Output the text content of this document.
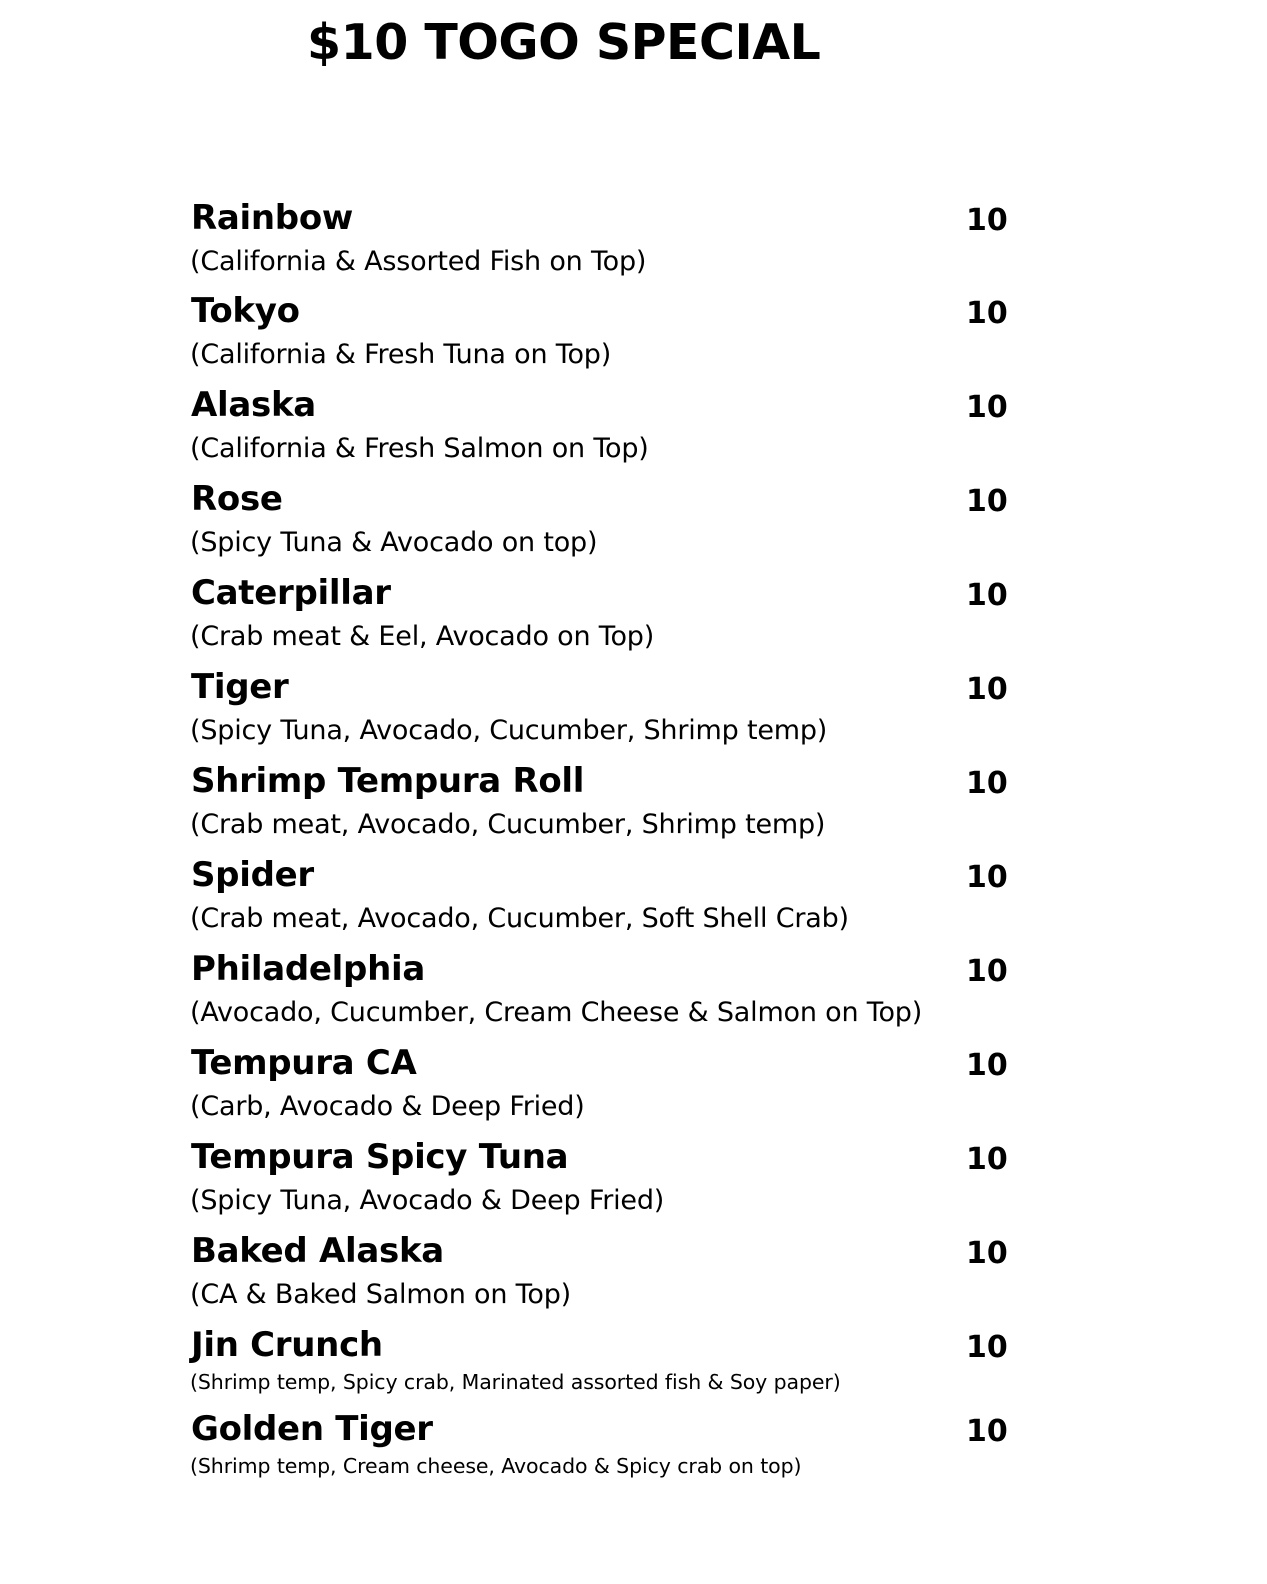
$10 TOGO SPECIAL
Rainbow	10
(California & Assorted Fish on Top)
Tokyo	10
(California & Fresh Tuna on Top)
Alaska	10
(California & Fresh Salmon on Top)
Rose	10
(Spicy Tuna & Avocado on top)
Caterpillar	10
(Crab meat & Eel, Avocado on Top)
Tiger	10
(Spicy Tuna, Avocado, Cucumber, Shrimp temp)
Shrimp Tempura Roll	10
(Crab meat, Avocado, Cucumber, Shrimp temp)
Spider	10
(Crab meat, Avocado, Cucumber, Soft Shell Crab)
Philadelphia	10
(Avocado, Cucumber, Cream Cheese & Salmon on Top)
Tempura CA	10
(Carb, Avocado & Deep Fried)
Tempura Spicy Tuna	10
(Spicy Tuna, Avocado & Deep Fried)
Baked Alaska	10
(CA & Baked Salmon on Top)
Jin Crunch	10
(Shrimp temp, Spicy crab, Marinated assorted fish & Soy paper)
Golden Tiger	10
(Shrimp temp, Cream cheese, Avocado & Spicy crab on top)
